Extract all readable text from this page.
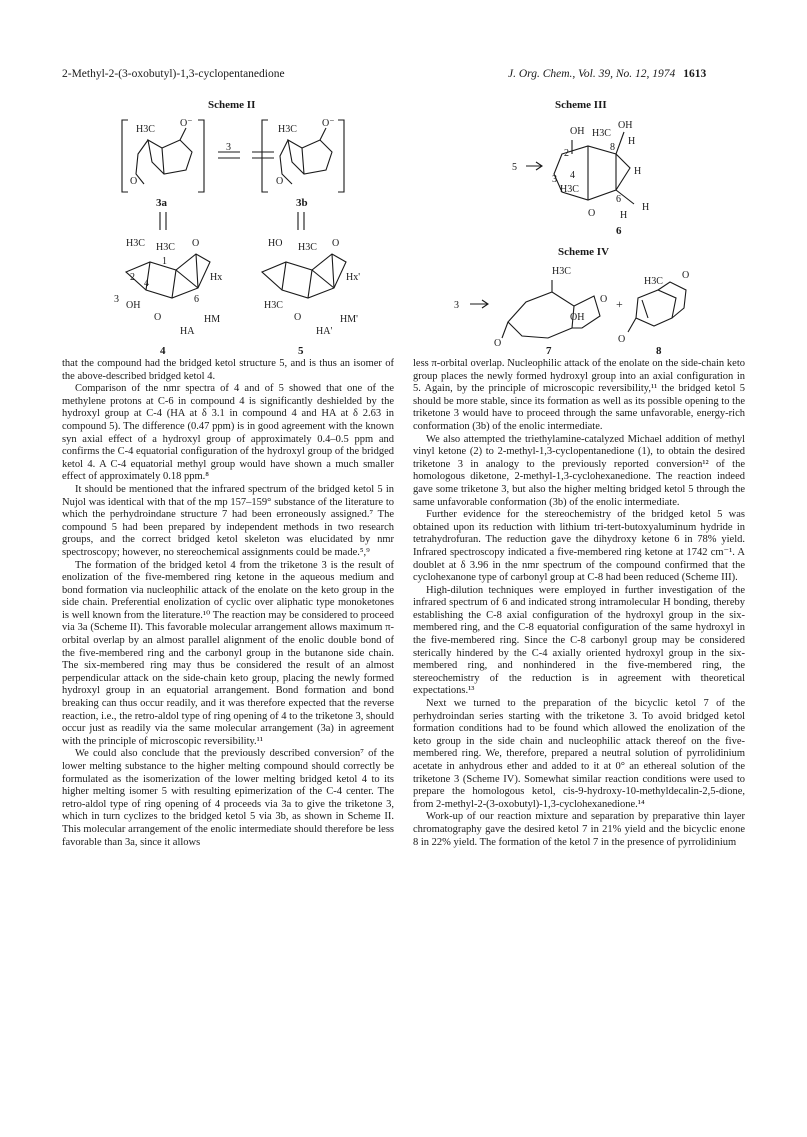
2-Methyl-2-(3-oxobutyl)-1,3-cyclopentanedione	J. Org. Chem., Vol. 39, No. 12, 1974 1613
Scheme II
H3C
O⁻
O
H3C
O⁻
O
3
H3C H3C O
OH
Hx
HM
HA
O
2
3
4
6
1
HO H3C O
H3C
Hx'
HM'
HA'
O
3a	3b
4	5
Scheme III
5
OH H3C
OH
H
H
H3C
O
H
H
2
3 4
6
8
6
Scheme IV
3
H3C
O
OH
O
H3C
O
O
+
7	8

that the compound had the bridged ketol structure 5, and is thus an isomer of the above-described bridged ketol 4.

Comparison of the nmr spectra of 4 and of 5 showed that one of the methylene protons at C-6 in compound 4 is significantly deshielded by the hydroxyl group at C-4 (HA at δ 3.1 in compound 4 and HA at δ 2.63 in compound 5). The difference (0.47 ppm) is in good agreement with the known syn axial effect of a hydroxyl group of approximately 0.4–0.5 ppm and confirms the C-4 equatorial configuration of the hydroxyl group of the bridged ketol 4. A C-4 equatorial methyl group would have shown a much smaller effect of approximately 0.18 ppm.⁸

It should be mentioned that the infrared spectrum of the bridged ketol 5 in Nujol was identical with that of the mp 157–159° substance of the literature to which the perhydroindane structure 7 had been erroneously assigned.⁷ The compound 5 had been prepared by independent methods in two research groups, and the correct bridged ketol skeleton was elucidated by nmr spectroscopy; however, no stereochemical assignments could be made.⁵,⁹

The formation of the bridged ketol 4 from the triketone 3 is the result of enolization of the five-membered ring ketone in the aqueous medium and bond formation via nucleophilic attack of the enolate on the keto group in the side chain. Preferential enolization of cyclic over aliphatic type monoketones is well known from the literature.¹⁰ The reaction may be considered to proceed via 3a (Scheme II). This favorable molecular arrangement allows maximum π-orbital overlap by an almost parallel alignment of the enolic double bond of the five-membered ring and the carbonyl group in the butanone side chain. The six-membered ring may thus be considered the result of an almost perpendicular attack on the side-chain keto group, placing the newly formed hydroxyl group in an equatorial arrangement. Bond formation and bond breaking can thus occur readily, and it was therefore expected that the reverse reaction, i.e., the retro-aldol type of ring opening of 4 to the triketone 3, should occur just as readily via the same molecular arrangement (3a) in agreement with the principle of microscopic reversibility.¹¹

We could also conclude that the previously described conversion⁷ of the lower melting substance to the higher melting compound should correctly be formulated as the isomerization of the lower melting bridged ketol 4 to its higher melting isomer 5 with resulting epimerization of the C-4 center. The retro-aldol type of ring opening of 4 proceeds via 3a to give the triketone 3, which in turn cyclizes to the bridged ketol 5 via 3b, as shown in Scheme II. This molecular arrangement of the enolic intermediate should therefore be less favorable than 3a, since it allows

less π-orbital overlap. Nucleophilic attack of the enolate on the side-chain keto group places the newly formed hydroxyl group into an axial configuration in 5. Again, by the principle of microscopic reversibility,¹¹ the bridged ketol 5 should be more stable, since its formation as well as its possible opening to the triketone 3 would have to proceed through the same unfavorable, energy-rich conformation (3b) of the enolic intermediate.

We also attempted the triethylamine-catalyzed Michael addition of methyl vinyl ketone (2) to 2-methyl-1,3-cyclopentanedione (1), to obtain the desired triketone 3 in analogy to the previously reported conversion¹² of the homologous diketone, 2-methyl-1,3-cyclohexanedione. The reaction indeed gave some triketone 3, but also the higher melting bridged ketol 5 through the same unfavorable conformation (3b) of the enolic intermediate.

Further evidence for the stereochemistry of the bridged ketol 5 was obtained upon its reduction with lithium tri-tert-butoxyaluminum hydride in tetrahydrofuran. The reduction gave the dihydroxy ketone 6 in 78% yield. Infrared spectroscopy indicated a five-membered ring ketone at 1742 cm⁻¹. A doublet at δ 3.96 in the nmr spectrum of the compound confirmed that the cyclohexanone type of carbonyl group at C-8 had been reduced (Scheme III).

High-dilution techniques were employed in further investigation of the infrared spectrum of 6 and indicated strong intramolecular H bonding, thereby establishing the C-8 axial configuration of the hydroxyl group in the six-membered ring, and the C-8 equatorial configuration of the same hydroxyl in the five-membered ring. Since the C-8 carbonyl group may be considered sterically hindered by the C-4 axially oriented hydroxyl group in the six-membered ring, and nonhindered in the five-membered ring, the stereochemistry of the reduction is in agreement with theoretical expectations.¹³

Next we turned to the preparation of the bicyclic ketol 7 of the perhydroindan series starting with the triketone 3. To avoid bridged ketol formation conditions had to be found which allowed the enolization of the keto group in the side chain and nucleophilic attack thereof on the five-membered ring. We, therefore, prepared a neutral solution of pyrrolidinium acetate in anhydrous ether and added to it at 0° an ethereal solution of the triketone 3 (Scheme IV). Somewhat similar reaction conditions were used to prepare the homologous ketol, cis-9-hydroxy-10-methyldecalin-2,5-dione, from 2-methyl-2-(3-oxobutyl)-1,3-cyclohexanedione.¹⁴

Work-up of our reaction mixture and separation by preparative thin layer chromatography gave the desired ketol 7 in 21% yield and the bicyclic enone 8 in 22% yield. The formation of the ketol 7 in the presence of pyrrolidinium
